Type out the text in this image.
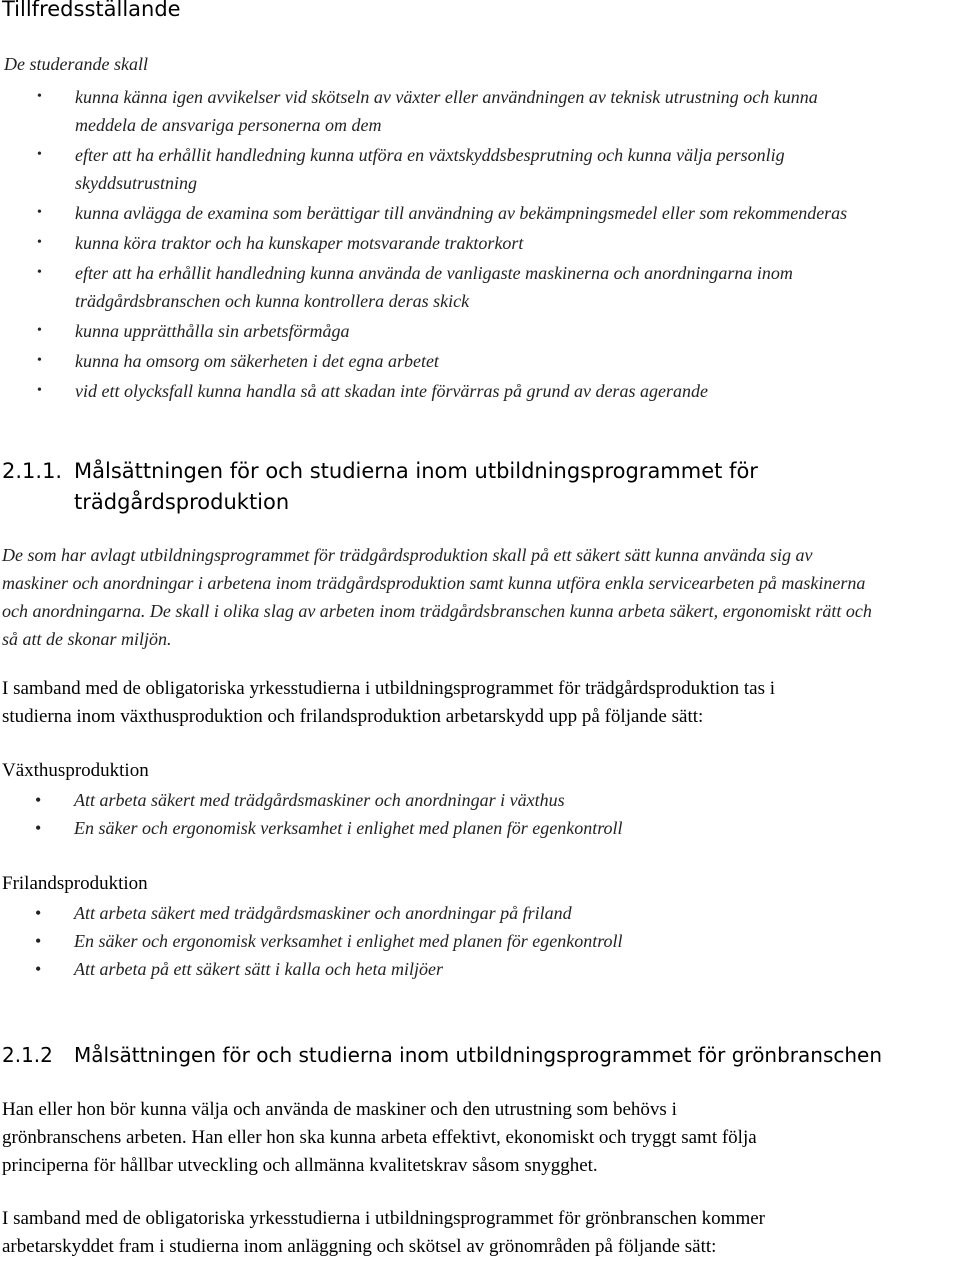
Tillfredsställande

De studerande skall

• kunna känna igen avvikelser vid skötseln av växter eller användningen av teknisk utrustning och kunna
meddela de ansvariga personerna om dem
• efter att ha erhållit handledning kunna utföra en växtskyddsbesprutning och kunna välja personlig
skyddsutrustning
• kunna avlägga de examina som berättigar till användning av bekämpningsmedel eller som rekommenderas
• kunna köra traktor och ha kunskaper motsvarande traktorkort
• efter att ha erhållit handledning kunna använda de vanligaste maskinerna och anordningarna inom
trädgårdsbranschen och kunna kontrollera deras skick
• kunna upprätthålla sin arbetsförmåga
• kunna ha omsorg om säkerheten i det egna arbetet
• vid ett olycksfall kunna handla så att skadan inte förvärras på grund av deras agerande
2.1.1. Målsättningen för och studierna inom utbildningsprogrammet för
trädgårdsproduktion

De som har avlagt utbildningsprogrammet för trädgårdsproduktion skall på ett säkert sätt kunna använda sig av
maskiner och anordningar i arbetena inom trädgårdsproduktion samt kunna utföra enkla servicearbeten på maskinerna
och anordningarna. De skall i olika slag av arbeten inom trädgårdsbranschen kunna arbeta säkert, ergonomiskt rätt och
så att de skonar miljön.

I samband med de obligatoriska yrkesstudierna i utbildningsprogrammet för trädgårdsproduktion tas i
studierna inom växthusproduktion och frilandsproduktion arbetarskydd upp på följande sätt:

Växthusproduktion

• Att arbeta säkert med trädgårdsmaskiner och anordningar i växthus
• En säker och ergonomisk verksamhet i enlighet med planen för egenkontroll

Frilandsproduktion

• Att arbeta säkert med trädgårdsmaskiner och anordningar på friland
• En säker och ergonomisk verksamhet i enlighet med planen för egenkontroll
• Att arbeta på ett säkert sätt i kalla och heta miljöer
2.1.2 Målsättningen för och studierna inom utbildningsprogrammet för grönbranschen

Han eller hon bör kunna välja och använda de maskiner och den utrustning som behövs i
grönbranschens arbeten. Han eller hon ska kunna arbeta effektivt, ekonomiskt och tryggt samt följa
principerna för hållbar utveckling och allmänna kvalitetskrav såsom snygghet.

I samband med de obligatoriska yrkesstudierna i utbildningsprogrammet för grönbranschen kommer
arbetarskyddet fram i studierna inom anläggning och skötsel av grönområden på följande sätt:
